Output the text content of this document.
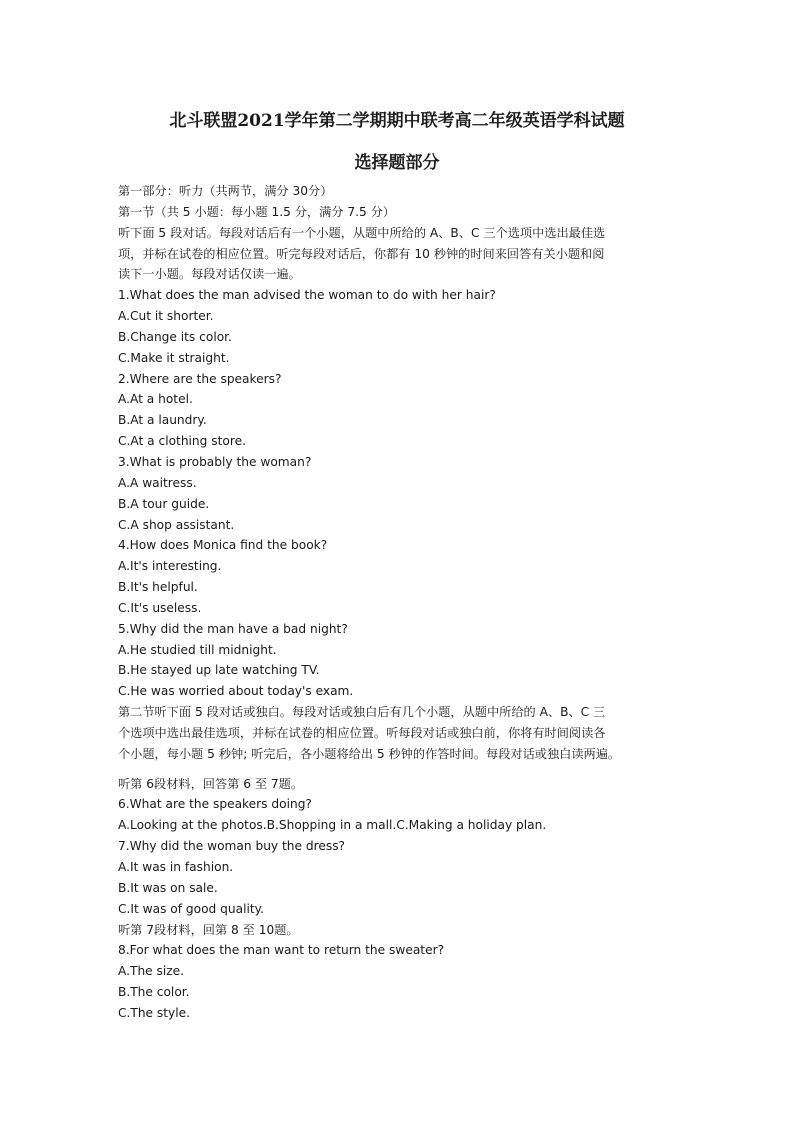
北斗联盟2021学年第二学期期中联考高二年级英语学科试题
选择题部分
第一部分：听力（共两节，满分 30分）
第一节（共 5 小题：每小题 1.5 分，满分 7.5 分）
听下面 5 段对话。每段对话后有一个小题，从题中所给的 A、B、C 三个选项中选出最佳选
项，并标在试卷的相应位置。听完每段对话后，你都有 10 秒钟的时间来回答有关小题和阅
读下一小题。每段对话仅读一遍。
1.What does the man advised the woman to do with her hair?
A.Cut it shorter.
B.Change its color.
C.Make it straight.
2.Where are the speakers?
A.At a hotel.
B.At a laundry.
C.At a clothing store.
3.What is probably the woman?
A.A waitress.
B.A tour guide.
C.A shop assistant.
4.How does Monica find the book?
A.It's interesting.
B.It's helpful.
C.It's useless.
5.Why did the man have a bad night?
A.He studied till midnight.
B.He stayed up late watching TV.
C.He was worried about today's exam.
第二节听下面 5 段对话或独白。每段对话或独白后有几个小题，从题中所给的 A、B、C 三
个选项中选出最佳选项，并标在试卷的相应位置。听每段对话或独白前，你将有时间阅读各
个小题，每小题 5 秒钟; 听完后，各小题将给出 5 秒钟的作答时间。每段对话或独白读两遍。
听第 6段材料，回答第 6 至 7题。
6.What are the speakers doing?
A.Looking at the photos.B.Shopping in a mall.C.Making a holiday plan.
7.Why did the woman buy the dress?
A.It was in fashion.
B.It was on sale.
C.It was of good quality.
听第 7段材料，回第 8 至 10题。
8.For what does the man want to return the sweater?
A.The size.
B.The color.
C.The style.
